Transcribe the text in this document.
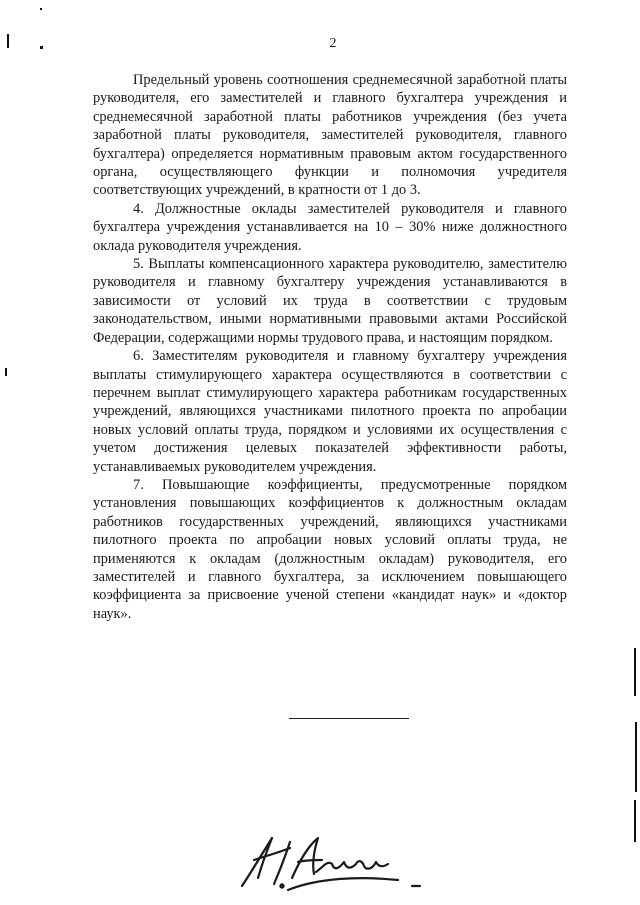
2

Предельный уровень соотношения среднемесячной заработной платы руководителя, его заместителей и главного бухгалтера учреждения и среднемесячной заработной платы работников учреждения (без учета заработной платы руководителя, заместителей руководителя, главного бухгалтера) определяется нормативным правовым актом государственного органа, осуществляющего функции и полномочия учредителя соответствующих учреждений, в кратности от 1 до 3.

4. Должностные оклады заместителей руководителя и главного бухгалтера учреждения устанавливается на 10 – 30% ниже должностного оклада руководителя учреждения.

5. Выплаты компенсационного характера руководителю, заместителю руководителя и главному бухгалтеру учреждения устанавливаются в зависимости от условий их труда в соответствии с трудовым законодательством, иными нормативными правовыми актами Российской Федерации, содержащими нормы трудового права, и настоящим порядком.

6. Заместителям руководителя и главному бухгалтеру учреждения выплаты стимулирующего характера осуществляются в соответствии с перечнем выплат стимулирующего характера работникам государственных учреждений, являющихся участниками пилотного проекта по апробации новых условий оплаты труда, порядком и условиями их осуществления с учетом достижения целевых показателей эффективности работы, устанавливаемых руководителем учреждения.

7. Повышающие коэффициенты, предусмотренные порядком установления повышающих коэффициентов к должностным окладам работников государственных учреждений, являющихся участниками пилотного проекта по апробации новых условий оплаты труда, не применяются к окладам (должностным окладам) руководителя, его заместителей и главного бухгалтера, за исключением повышающего коэффициента за присвоение ученой степени «кандидат наук» и «доктор наук».
